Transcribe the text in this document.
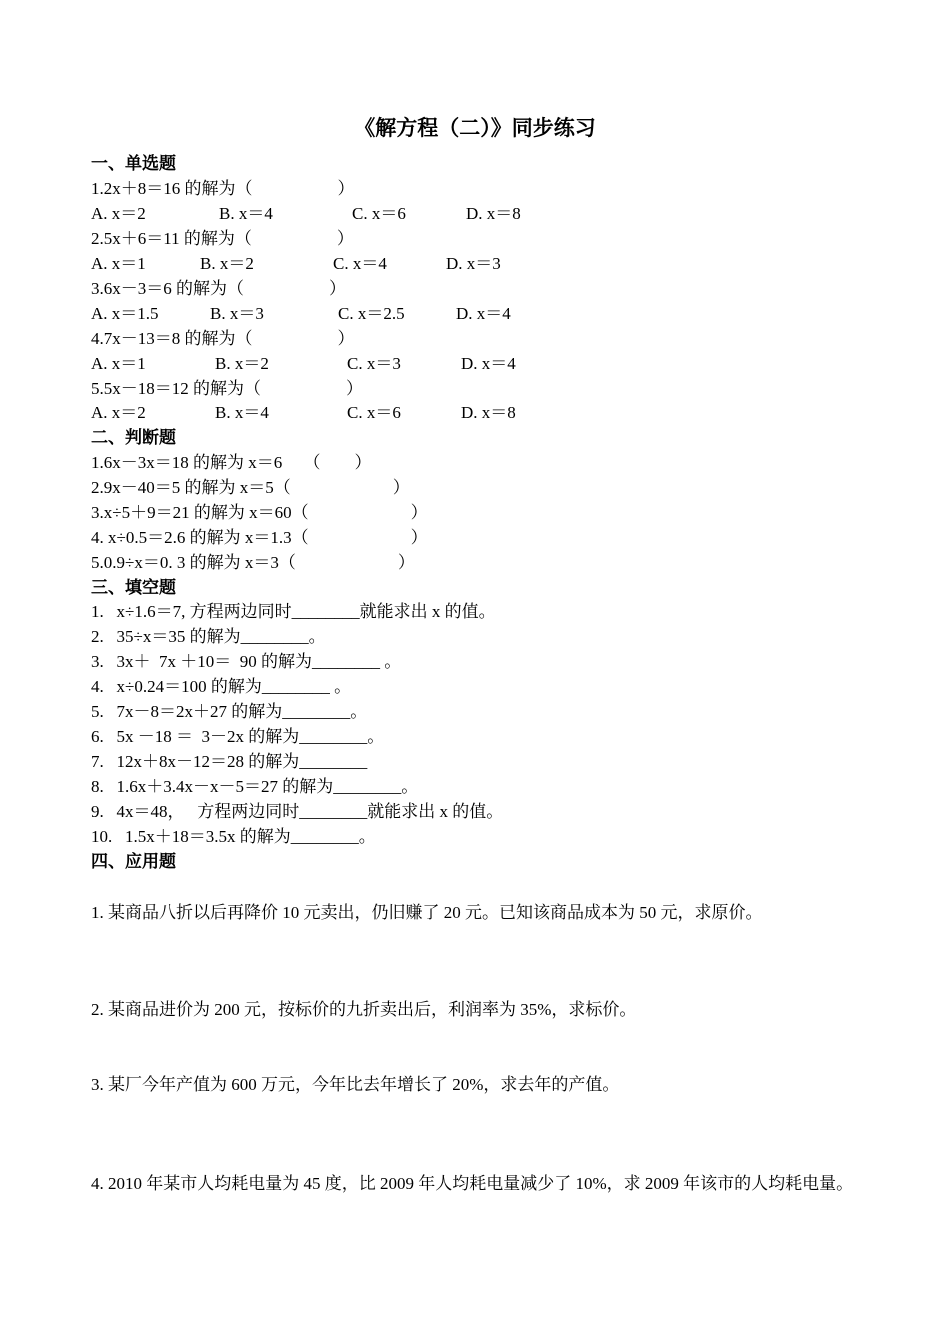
《解方程（二）》同步练习
一、单选题
1.2x＋8＝16 的解为（                    ）
A. x＝2	B. x＝4	C. x＝6	D. x＝8
2.5x＋6＝11 的解为（                    ）
A. x＝1	B. x＝2	C. x＝4	D. x＝3
3.6x－3＝6 的解为（                    ）
A. x＝1.5	B. x＝3	C. x＝2.5	D. x＝4
4.7x－13＝8 的解为（                    ）
A. x＝1	B. x＝2	C. x＝3	D. x＝4
5.5x－18＝12 的解为（                    ）
A. x＝2	B. x＝4	C. x＝6	D. x＝8
二、判断题
1.6x－3x＝18 的解为 x＝6     （        ）
2.9x－40＝5 的解为 x＝5（                        ）
3.x÷5＋9＝21 的解为 x＝60（                        ）
4. x÷0.5＝2.6 的解为 x＝1.3（                        ）
5.0.9÷x＝0. 3 的解为 x＝3（                        ）
三、填空题
1.   x÷1.6＝7, 方程两边同时________就能求出 x 的值。
2.   35÷x＝35 的解为________。
3.   3x＋  7x ＋10＝  90 的解为________ 。
4.   x÷0.24＝100 的解为________ 。
5.   7x－8＝2x＋27 的解为________。
6.   5x －18 ＝  3－2x 的解为________。
7.   12x＋8x－12＝28 的解为________
8.   1.6x＋3.4x－x－5＝27 的解为________。
9.   4x＝48，   方程两边同时________就能求出 x 的值。
10.   1.5x＋18＝3.5x 的解为________。
四、应用题
1. 某商品八折以后再降价 10 元卖出，仍旧赚了 20 元。已知该商品成本为 50 元，求原价。
2. 某商品进价为 200 元，按标价的九折卖出后，利润率为 35%，求标价。
3. 某厂今年产值为 600 万元，今年比去年增长了 20%，求去年的产值。
4. 2010 年某市人均耗电量为 45 度，比 2009 年人均耗电量减少了 10%，求 2009 年该市的人均耗电量。
